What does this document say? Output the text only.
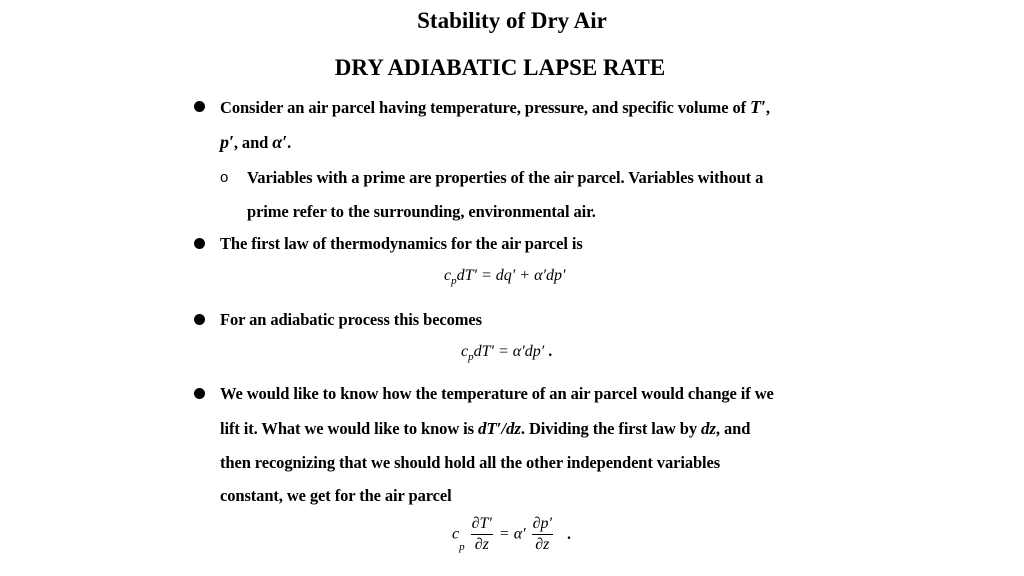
Stability of Dry Air
DRY ADIABATIC LAPSE RATE
Consider an air parcel having temperature, pressure, and specific volume of T′,
p′, and α′.
o Variables with a prime are properties of the air parcel. Variables without a
prime refer to the surrounding, environmental air.
The first law of thermodynamics for the air parcel is
$c_pdT' = dq' + \alpha'dp'$
For an adiabatic process this becomes
$c_pdT' = \alpha'dp'$ .
We would like to know how the temperature of an air parcel would change if we
lift it. What we would like to know is dT′/dz. Dividing the first law by dz, and
then recognizing that we should hold all the other independent variables
constant, we get for the air parcel
$c_p \frac{\partial T'}{\partial z} = \alpha' \frac{\partial p'}{\partial z}$ .
